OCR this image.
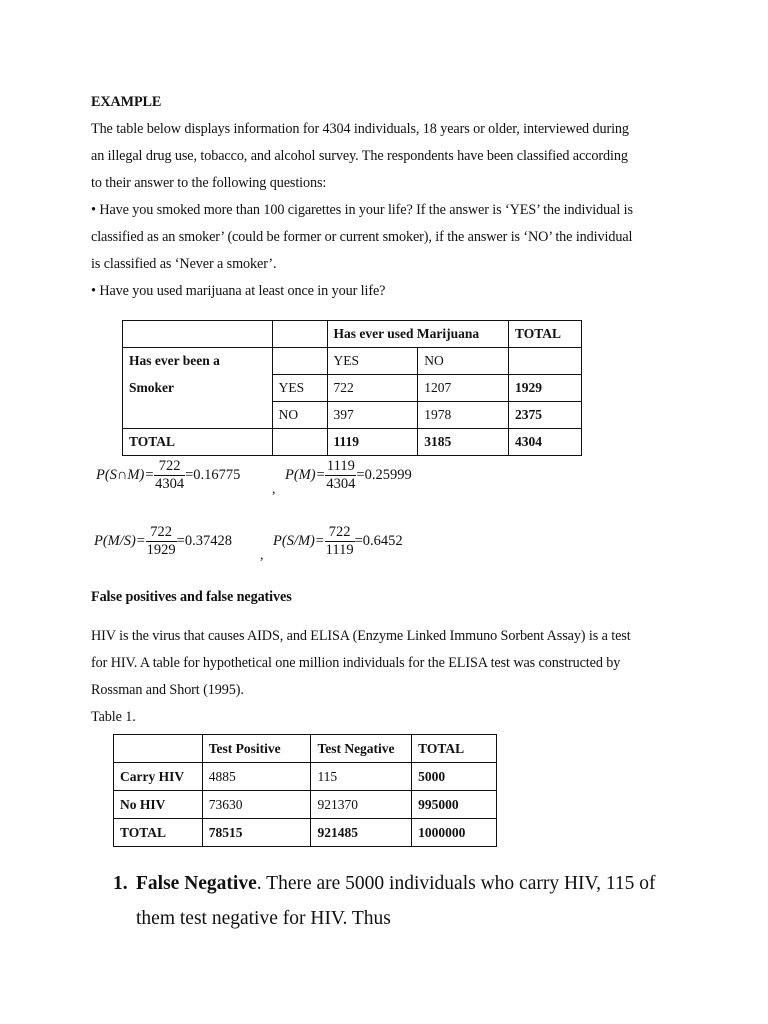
EXAMPLE
The table below displays information for 4304 individuals, 18 years or older, interviewed during
an illegal drug use, tobacco, and alcohol survey. The respondents have been classified according
to their answer to the following questions:
• Have you smoked more than 100 cigarettes in your life? If the answer is ‘YES’ the individual is
classified as an smoker’ (could be former or current smoker), if the answer is ‘NO’ the individual
is classified as ‘Never a smoker’.
• Have you used marijuana at least once in your life?
		Has ever used Marijuana		TOTAL
Has ever been a		YES	NO	
Smoker	YES	722	1207	1929
	NO	397	1978	2375
TOTAL		1119	3185	4304
P(S∩M)= $\frac{722}{4304} =0.16775$
,
$P(M)= \frac{1119}{4304} =0.25999$
$P(M/S)= \frac{722}{1929} =0.37428$
,
$P(S/M)= \frac{722}{1119} =0.6452$
False positives and false negatives
HIV is the virus that causes AIDS, and ELISA (Enzyme Linked Immuno Sorbent Assay) is a test
for HIV. A table for hypothetical one million individuals for the ELISA test was constructed by
Rossman and Short (1995).
Table 1.
	Test Positive	Test Negative	TOTAL
Carry HIV	4885	115	5000
No HIV	73630	921370	995000
TOTAL	78515	921485	1000000
1. False Negative. There are 5000 individuals who carry HIV, 115 of
them test negative for HIV. Thus
